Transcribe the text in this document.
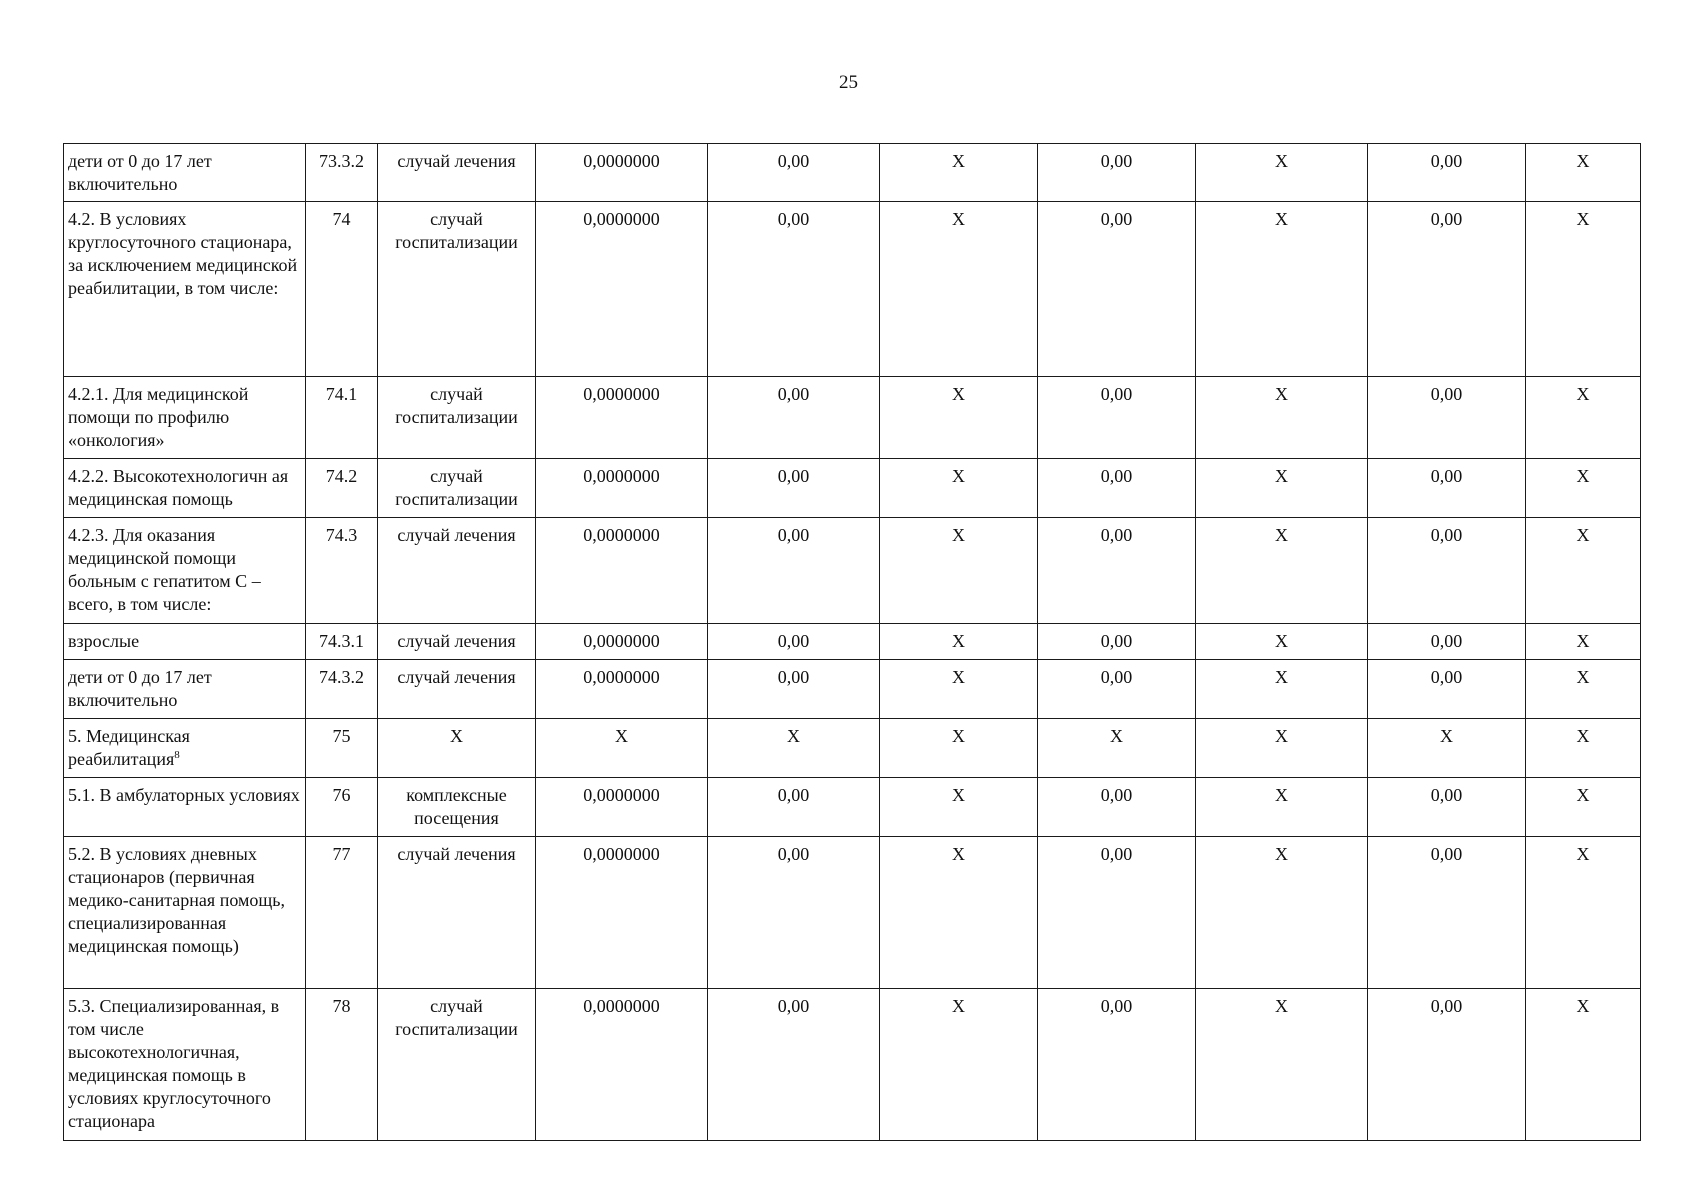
25
дети от 0 до 17 лет включительно	73.3.2	случай лечения	0,0000000	0,00	X	0,00	X	0,00	X
4.2. В условиях круглосуточного стационара, за исключением медицинской реабилитации, в том числе:	74	случай госпитализации	0,0000000	0,00	X	0,00	X	0,00	X
4.2.1. Для медицинской помощи по профилю «онкология»	74.1	случай госпитализации	0,0000000	0,00	X	0,00	X	0,00	X
4.2.2. Высокотехнологичн ая медицинская помощь	74.2	случай госпитализации	0,0000000	0,00	X	0,00	X	0,00	X
4.2.3. Для оказания медицинской помощи больным с гепатитом С – всего, в том числе:	74.3	случай лечения	0,0000000	0,00	X	0,00	X	0,00	X
взрослые	74.3.1	случай лечения	0,0000000	0,00	X	0,00	X	0,00	X
дети от 0 до 17 лет включительно	74.3.2	случай лечения	0,0000000	0,00	X	0,00	X	0,00	X
5. Медицинская реабилитация$^8$	75	X	X	X	X	X	X	X	X
5.1. В амбулаторных условиях	76	комплексные посещения	0,0000000	0,00	X	0,00	X	0,00	X
5.2. В условиях дневных стационаров (первичная медико-санитарная помощь, специализированная медицинская помощь)	77	случай лечения	0,0000000	0,00	X	0,00	X	0,00	X
5.3. Специализированная, в том числе высокотехнологичная, медицинская помощь в условиях круглосуточного стационара	78	случай госпитализации	0,0000000	0,00	X	0,00	X	0,00	X
